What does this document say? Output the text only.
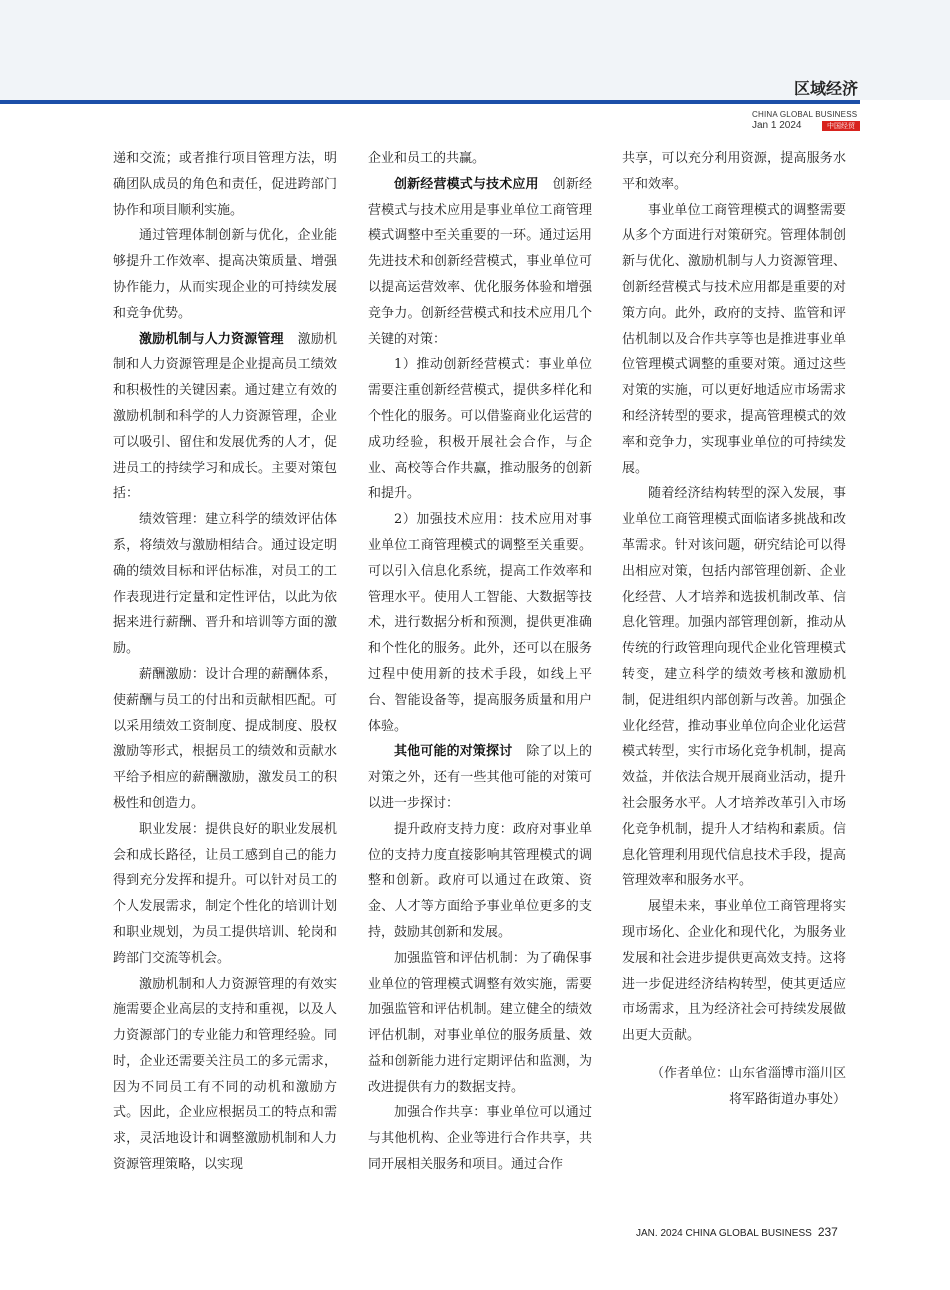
区域经济
CHINA GLOBAL BUSINESS
Jan 1 2024	中国经贸

递和交流；或者推行项目管理方法，明确团队成员的角色和责任，促进跨部门协作和项目顺利实施。

通过管理体制创新与优化，企业能够提升工作效率、提高决策质量、增强协作能力，从而实现企业的可持续发展和竞争优势。

激励机制与人力资源管理 激励机制和人力资源管理是企业提高员工绩效和积极性的关键因素。通过建立有效的激励机制和科学的人力资源管理，企业可以吸引、留住和发展优秀的人才，促进员工的持续学习和成长。主要对策包括：

绩效管理：建立科学的绩效评估体系，将绩效与激励相结合。通过设定明确的绩效目标和评估标准，对员工的工作表现进行定量和定性评估，以此为依据来进行薪酬、晋升和培训等方面的激励。

薪酬激励：设计合理的薪酬体系，使薪酬与员工的付出和贡献相匹配。可以采用绩效工资制度、提成制度、股权激励等形式，根据员工的绩效和贡献水平给予相应的薪酬激励，激发员工的积极性和创造力。

职业发展：提供良好的职业发展机会和成长路径，让员工感到自己的能力得到充分发挥和提升。可以针对员工的个人发展需求，制定个性化的培训计划和职业规划，为员工提供培训、轮岗和跨部门交流等机会。

激励机制和人力资源管理的有效实施需要企业高层的支持和重视，以及人力资源部门的专业能力和管理经验。同时，企业还需要关注员工的多元需求，因为不同员工有不同的动机和激励方式。因此，企业应根据员工的特点和需求，灵活地设计和调整激励机制和人力资源管理策略，以实现

企业和员工的共赢。

创新经营模式与技术应用 创新经营模式与技术应用是事业单位工商管理模式调整中至关重要的一环。通过运用先进技术和创新经营模式，事业单位可以提高运营效率、优化服务体验和增强竞争力。创新经营模式和技术应用几个关键的对策：

1）推动创新经营模式：事业单位需要注重创新经营模式，提供多样化和个性化的服务。可以借鉴商业化运营的成功经验，积极开展社会合作，与企业、高校等合作共赢，推动服务的创新和提升。

2）加强技术应用：技术应用对事业单位工商管理模式的调整至关重要。可以引入信息化系统，提高工作效率和管理水平。使用人工智能、大数据等技术，进行数据分析和预测，提供更准确和个性化的服务。此外，还可以在服务过程中使用新的技术手段，如线上平台、智能设备等，提高服务质量和用户体验。

其他可能的对策探讨 除了以上的对策之外，还有一些其他可能的对策可以进一步探讨：

提升政府支持力度：政府对事业单位的支持力度直接影响其管理模式的调整和创新。政府可以通过在政策、资金、人才等方面给予事业单位更多的支持，鼓励其创新和发展。

加强监管和评估机制：为了确保事业单位的管理模式调整有效实施，需要加强监管和评估机制。建立健全的绩效评估机制，对事业单位的服务质量、效益和创新能力进行定期评估和监测，为改进提供有力的数据支持。

加强合作共享：事业单位可以通过与其他机构、企业等进行合作共享，共同开展相关服务和项目。通过合作

共享，可以充分利用资源，提高服务水平和效率。

事业单位工商管理模式的调整需要从多个方面进行对策研究。管理体制创新与优化、激励机制与人力资源管理、创新经营模式与技术应用都是重要的对策方向。此外，政府的支持、监管和评估机制以及合作共享等也是推进事业单位管理模式调整的重要对策。通过这些对策的实施，可以更好地适应市场需求和经济转型的要求，提高管理模式的效率和竞争力，实现事业单位的可持续发展。

随着经济结构转型的深入发展，事业单位工商管理模式面临诸多挑战和改革需求。针对该问题，研究结论可以得出相应对策，包括内部管理创新、企业化经营、人才培养和选拔机制改革、信息化管理。加强内部管理创新，推动从传统的行政管理向现代企业化管理模式转变，建立科学的绩效考核和激励机制，促进组织内部创新与改善。加强企业化经营，推动事业单位向企业化运营模式转型，实行市场化竞争机制，提高效益，并依法合规开展商业活动，提升社会服务水平。人才培养改革引入市场化竞争机制，提升人才结构和素质。信息化管理利用现代信息技术手段，提高管理效率和服务水平。

展望未来，事业单位工商管理将实现市场化、企业化和现代化，为服务业发展和社会进步提供更高效支持。这将进一步促进经济结构转型，使其更适应市场需求，且为经济社会可持续发展做出更大贡献。

（作者单位：山东省淄博市淄川区
将军路街道办事处）

JAN. 2024 CHINA GLOBAL BUSINESS 237
